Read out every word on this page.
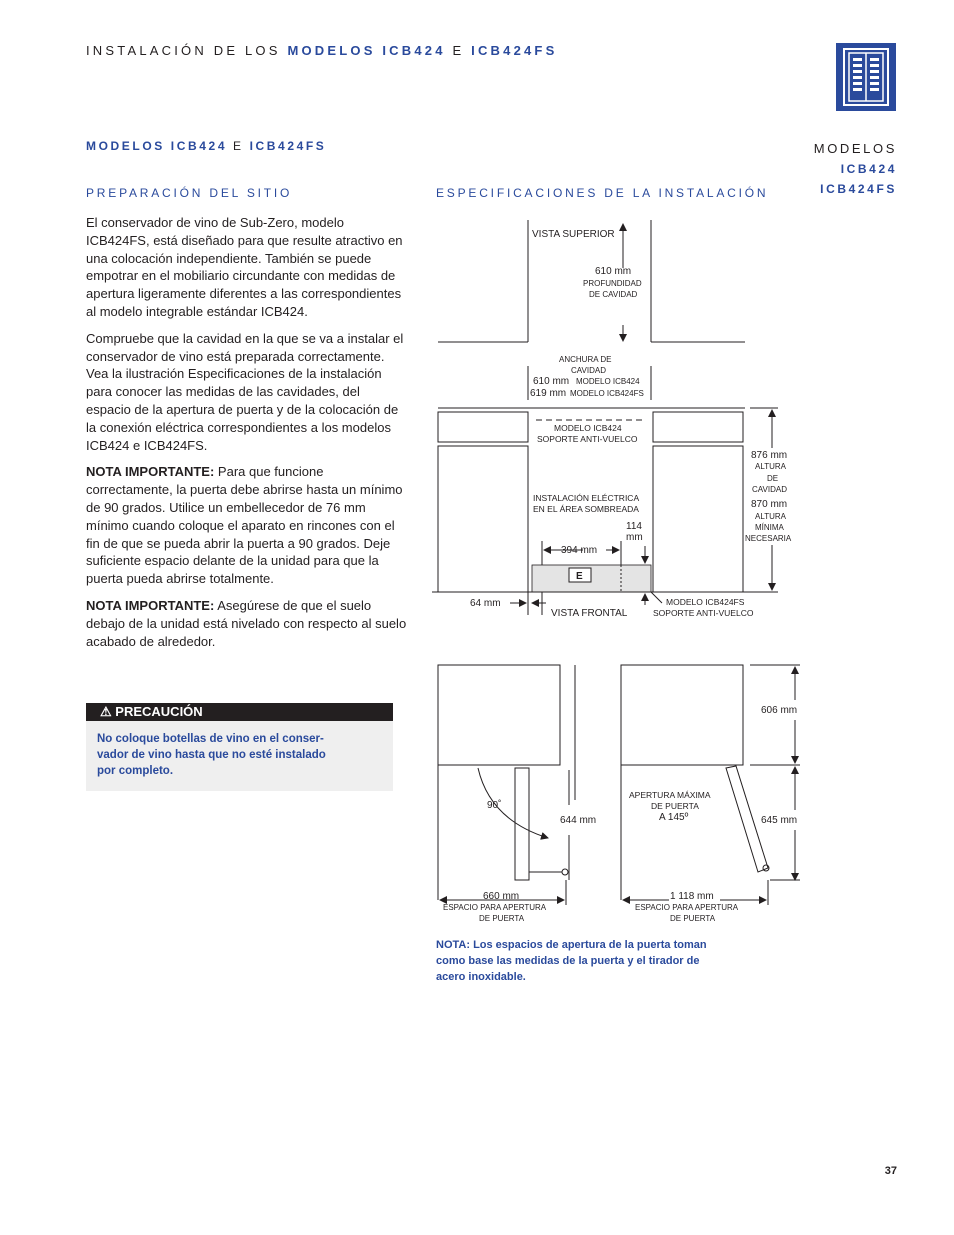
INSTALACIÓN DE LOS MODELOS ICB424 E ICB424FS
MODELOS ICB424 E ICB424FS	MODELOS
ICB424
ICB424FS
PREPARACIÓN DEL SITIO

El conservador de vino de Sub-Zero, modelo ICB424FS, está diseñado para que resulte atractivo en una colocación independiente. También se puede empotrar en el mobiliario circundante con medidas de apertura ligeramente diferentes a las correspondientes al modelo integrable estándar ICB424.

Compruebe que la cavidad en la que se va a instalar el conservador de vino está preparada correctamente. Vea la ilustración Especificaciones de la instalación para conocer las medidas de las cavidades, del espacio de la apertura de puerta y de la colocación de la conexión eléctrica correspondientes a los modelos ICB424 e ICB424FS.

NOTA IMPORTANTE: Para que funcione correctamente, la puerta debe abrirse hasta un mínimo de 90 grados. Utilice un embellecedor de 76 mm mínimo cuando coloque el aparato en rincones con el fin de que se pueda abrir la puerta a 90 grados. Deje suficiente espacio delante de la unidad para que la puerta pueda abrirse totalmente.

NOTA IMPORTANTE: Asegúrese de que el suelo debajo de la unidad está nivelado con respecto al suelo acabado de alrededor.

⚠ PRECAUCIÓN
No coloque botellas de vino en el conser-
vador de vino hasta que no esté instalado
por completo.
ESPECIFICACIONES DE LA INSTALACIÓN
VISTA SUPERIOR
610 mm
PROFUNDIDAD
DE CAVIDAD
ANCHURA DE
CAVIDAD
610 mm MODELO ICB424
619 mm MODELO ICB424FS
MODELO ICB424
SOPORTE ANTI-VUELCO
INSTALACIÓN ELÉCTRICA
EN EL ÁREA SOMBREADA
114
mm
394 mm
E
876 mm
ALTURA
DE
CAVIDAD
870 mm
ALTURA
MÍNIMA
NECESARIA
64 mm
VISTA FRONTAL
MODELO ICB424FS
SOPORTE ANTI-VUELCO
90˚
644 mm
660 mm
ESPACIO PARA APERTURA
DE PUERTA
APERTURA MÁXIMA
DE PUERTA
A 145º
606 mm
645 mm
1 118 mm
ESPACIO PARA APERTURA
DE PUERTA
NOTA: Los espacios de apertura de la puerta toman
como base las medidas de la puerta y el tirador de
acero inoxidable.
37
